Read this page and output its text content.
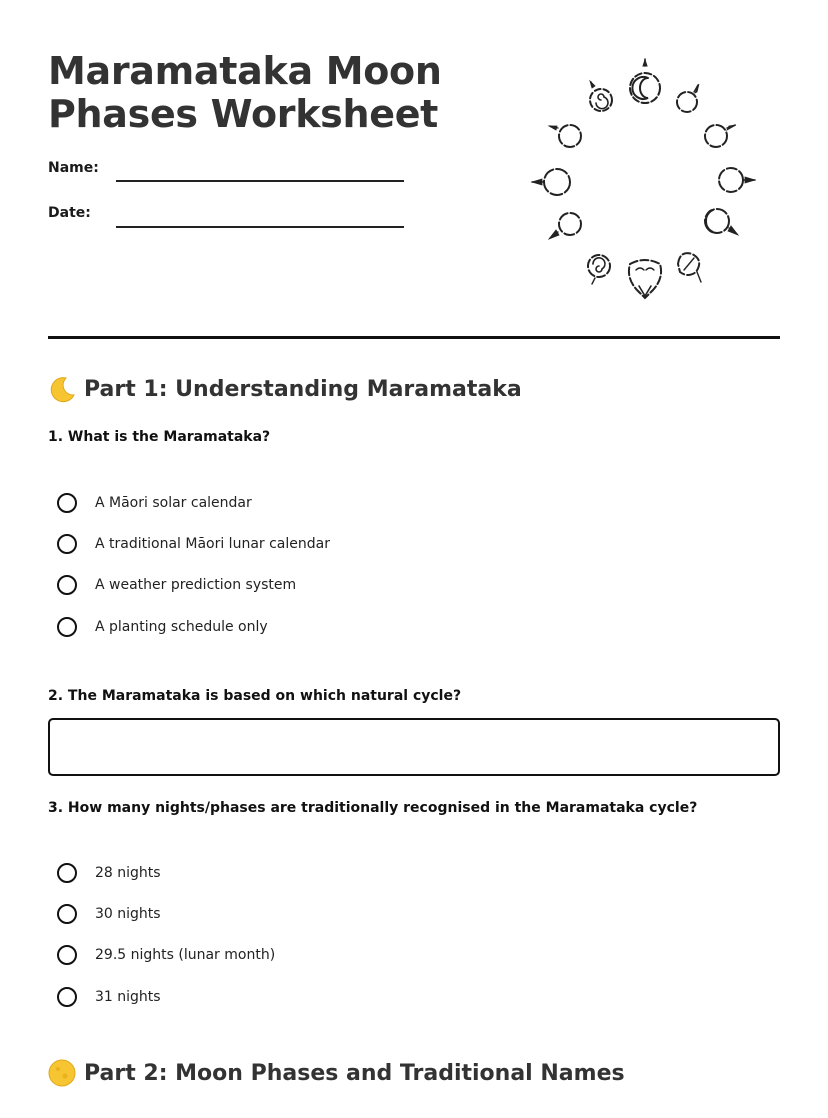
Maramataka Moon Phases Worksheet
Name:
Date:
Part 1: Understanding Maramataka
1. What is the Maramataka?
A Māori solar calendar
A traditional Māori lunar calendar
A weather prediction system
A planting schedule only
2. The Maramataka is based on which natural cycle?
3. How many nights/phases are traditionally recognised in the Maramataka cycle?
28 nights
30 nights
29.5 nights (lunar month)
31 nights
Part 2: Moon Phases and Traditional Names
